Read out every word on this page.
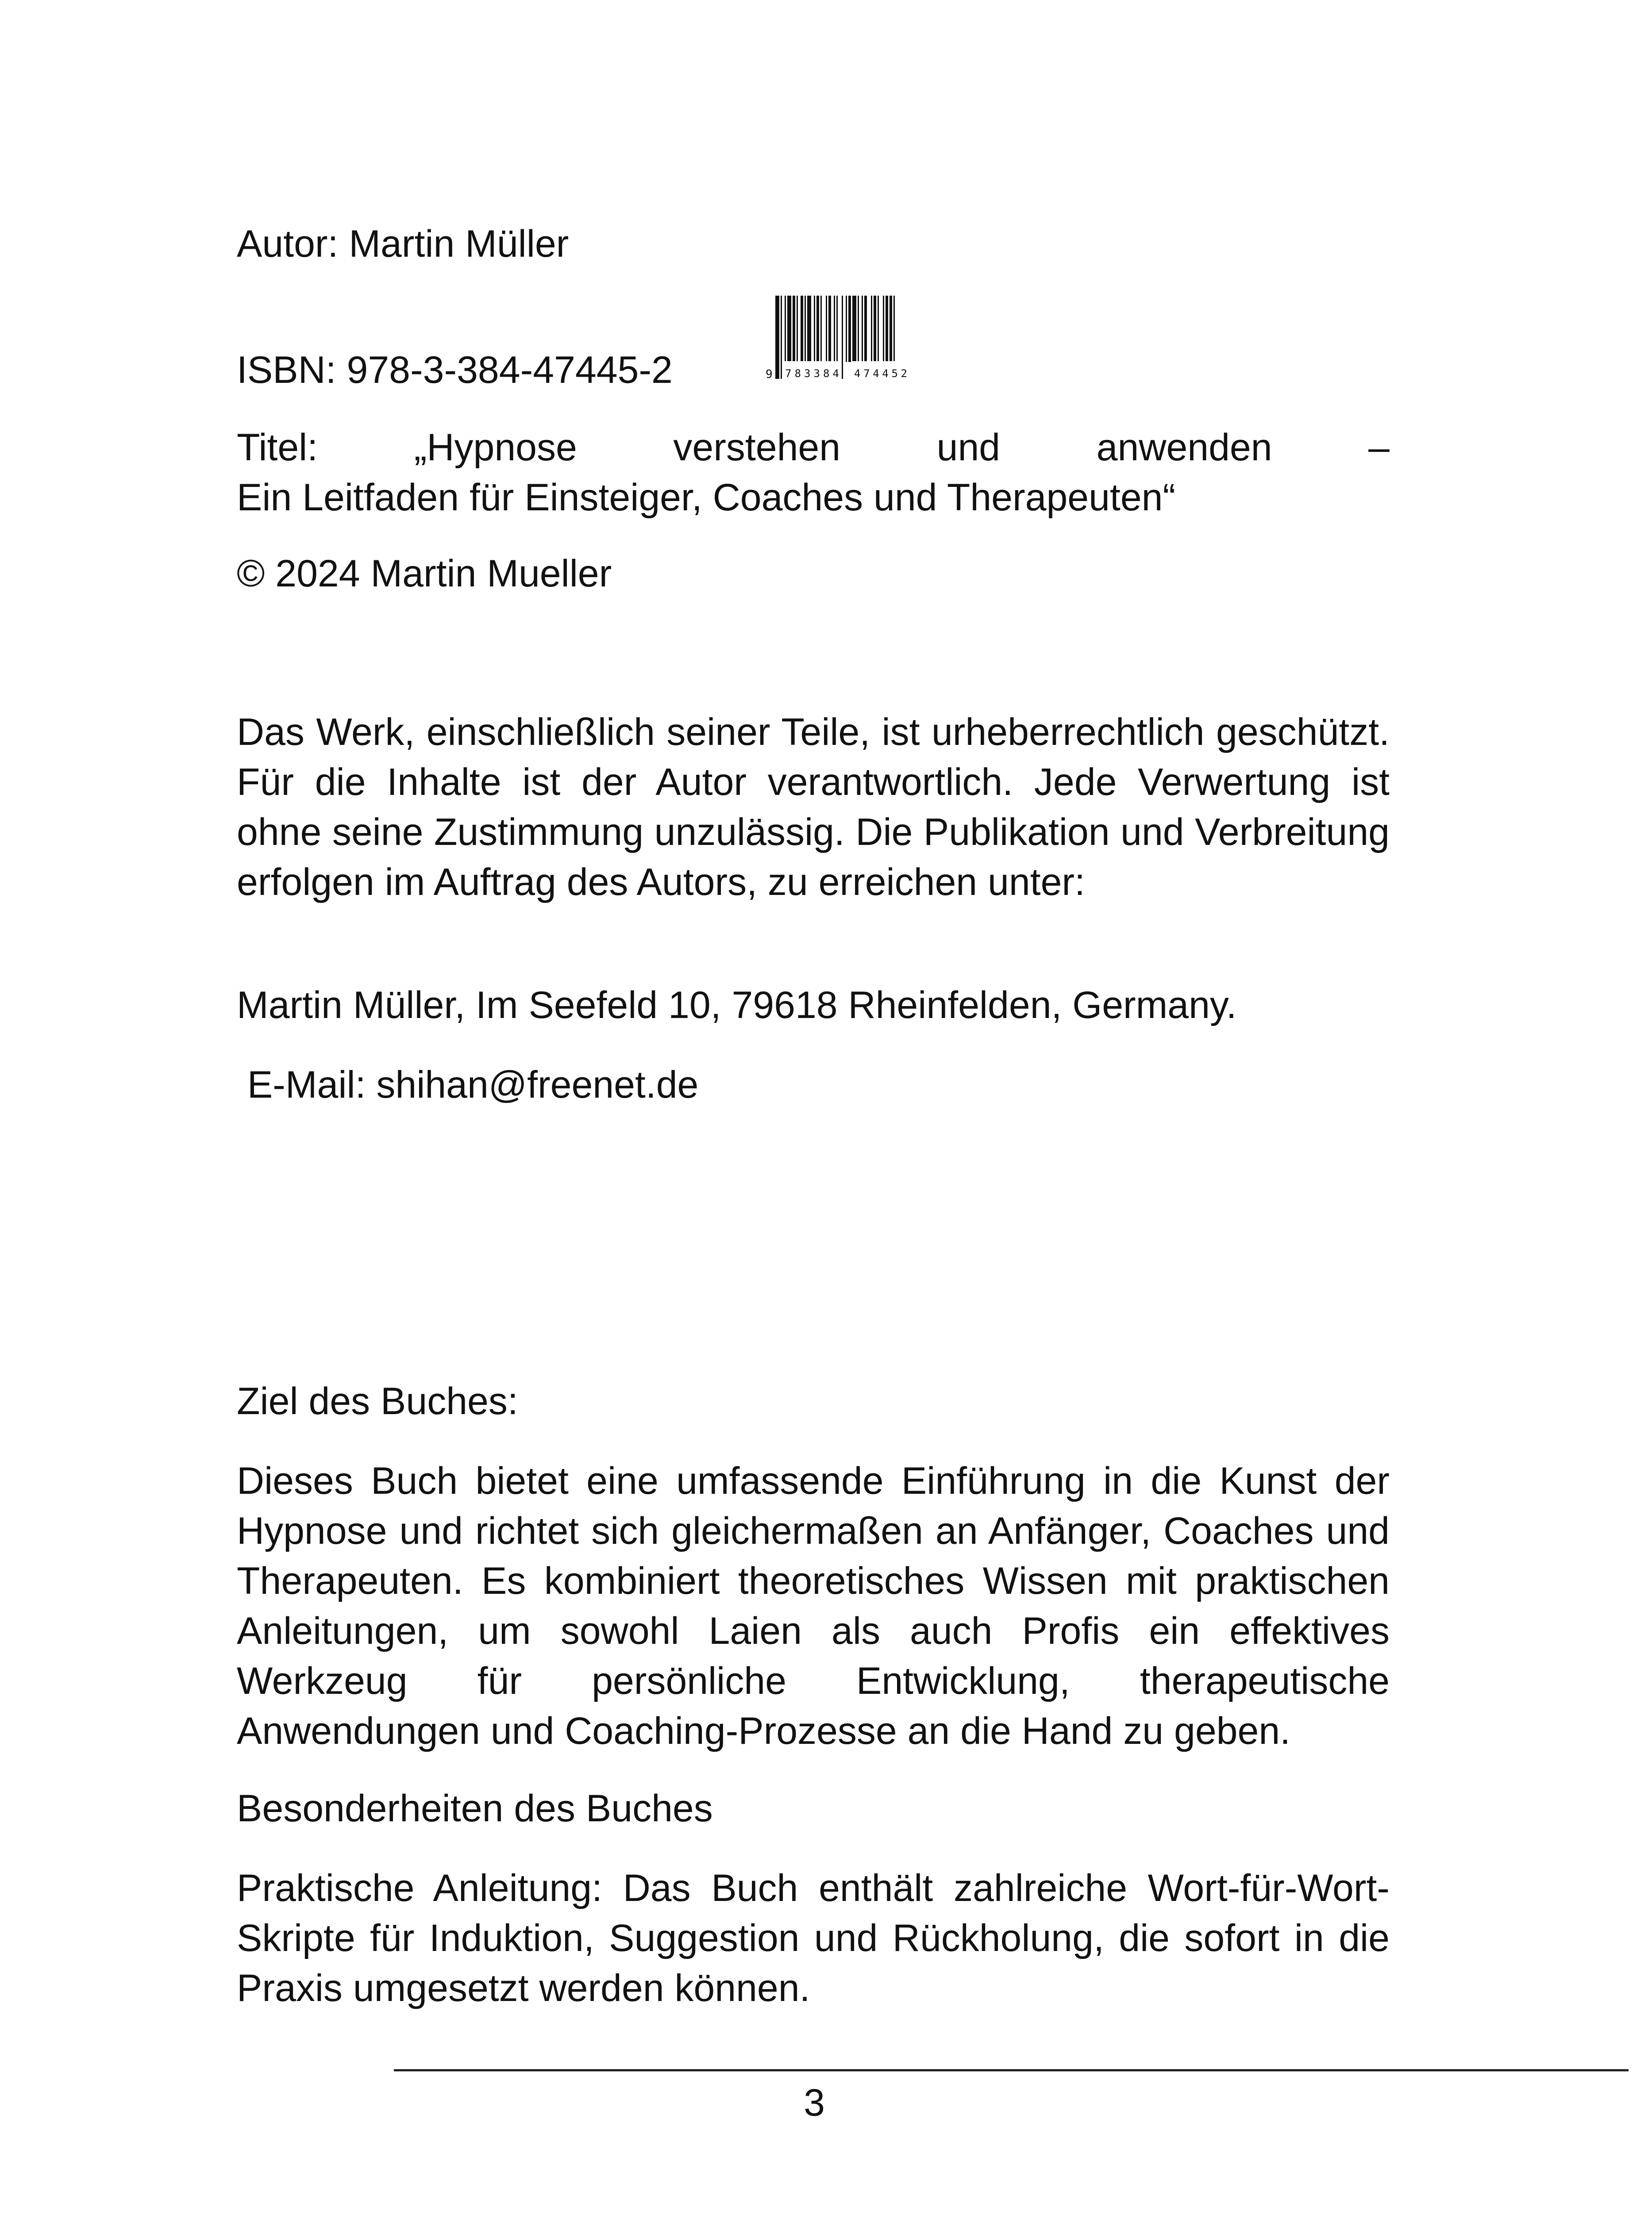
Autor: Martin Müller
ISBN: 978-3-384-47445-2	9 783384 474452
Titel: „Hypnose verstehen und anwenden –
Ein Leitfaden für Einsteiger, Coaches und Therapeuten“
© 2024 Martin Mueller
Das Werk, einschließlich seiner Teile, ist urheberrechtlich geschützt. Für die Inhalte ist der Autor verantwortlich. Jede Verwertung ist ohne seine Zustimmung unzulässig. Die Publikation und Verbreitung erfolgen im Auftrag des Autors, zu erreichen unter:
Martin Müller, Im Seefeld 10, 79618 Rheinfelden, Germany.
E-Mail: shihan@freenet.de
Ziel des Buches:
Dieses Buch bietet eine umfassende Einführung in die Kunst der Hypnose und richtet sich gleichermaßen an Anfänger, Coaches und Therapeuten. Es kombiniert theoretisches Wissen mit praktischen Anleitungen, um sowohl Laien als auch Profis ein effektives Werkzeug für persönliche Entwicklung, therapeutische Anwendungen und Coaching-Prozesse an die Hand zu geben.
Besonderheiten des Buches
Praktische Anleitung: Das Buch enthält zahlreiche Wort-für-Wort-Skripte für Induktion, Suggestion und Rückholung, die sofort in die Praxis umgesetzt werden können.
3
